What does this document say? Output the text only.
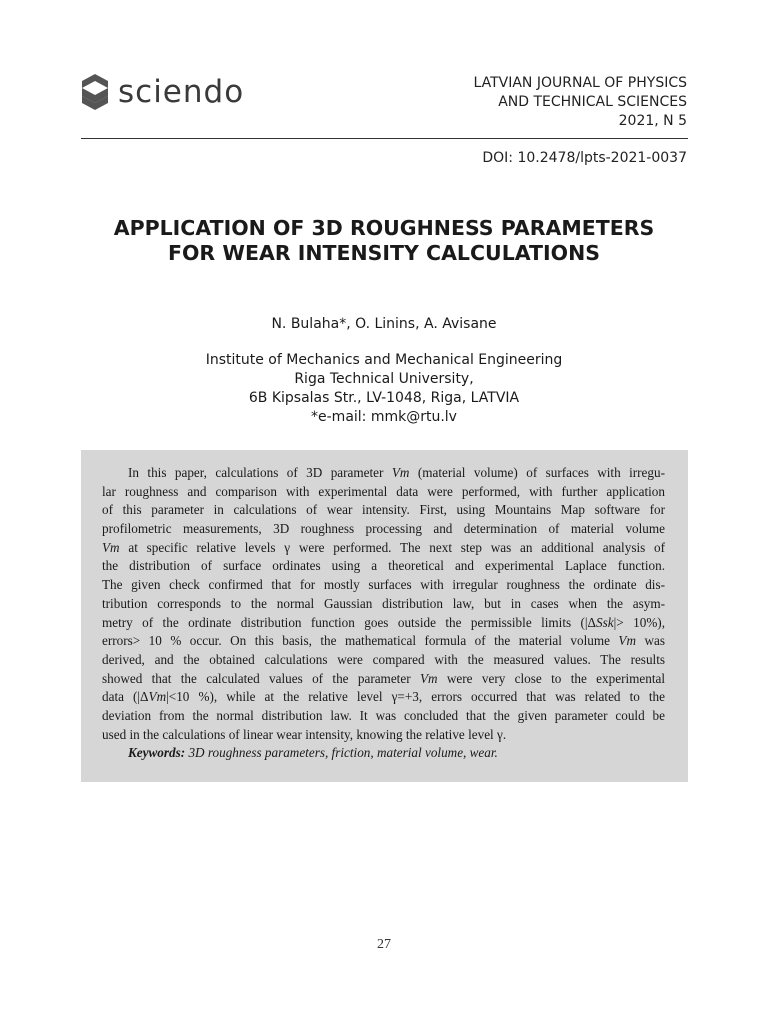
sciendo	LATVIAN JOURNAL OF PHYSICS
AND TECHNICAL SCIENCES
2021, N 5
DOI: 10.2478/lpts-2021-0037
APPLICATION OF 3D ROUGHNESS PARAMETERS
FOR WEAR INTENSITY CALCULATIONS
N. Bulaha*, O. Linins, A. Avisane
Institute of Mechanics and Mechanical Engineering
Riga Technical University,
6B Kipsalas Str., LV-1048, Riga, LATVIA
*e-mail: mmk@rtu.lv
In this paper, calculations of 3D parameter Vm (material volume) of surfaces with irregu-
lar roughness and comparison with experimental data were performed, with further application
of this parameter in calculations of wear intensity. First, using Mountains Map software for
profilometric measurements, 3D roughness processing and determination of material volume
Vm at specific relative levels γ were performed. The next step was an additional analysis of
the distribution of surface ordinates using a theoretical and experimental Laplace function.
The given check confirmed that for mostly surfaces with irregular roughness the ordinate dis-
tribution corresponds to the normal Gaussian distribution law, but in cases when the asym-
metry of the ordinate distribution function goes outside the permissible limits (|ΔSsk|> 10%),
errors> 10 % occur. On this basis, the mathematical formula of the material volume Vm was
derived, and the obtained calculations were compared with the measured values. The results
showed that the calculated values of the parameter Vm were very close to the experimental
data (|ΔVm|<10 %), while at the relative level γ=+3, errors occurred that was related to the
deviation from the normal distribution law. It was concluded that the given parameter could be
used in the calculations of linear wear intensity, knowing the relative level γ.
Keywords: 3D roughness parameters, friction, material volume, wear.
27
